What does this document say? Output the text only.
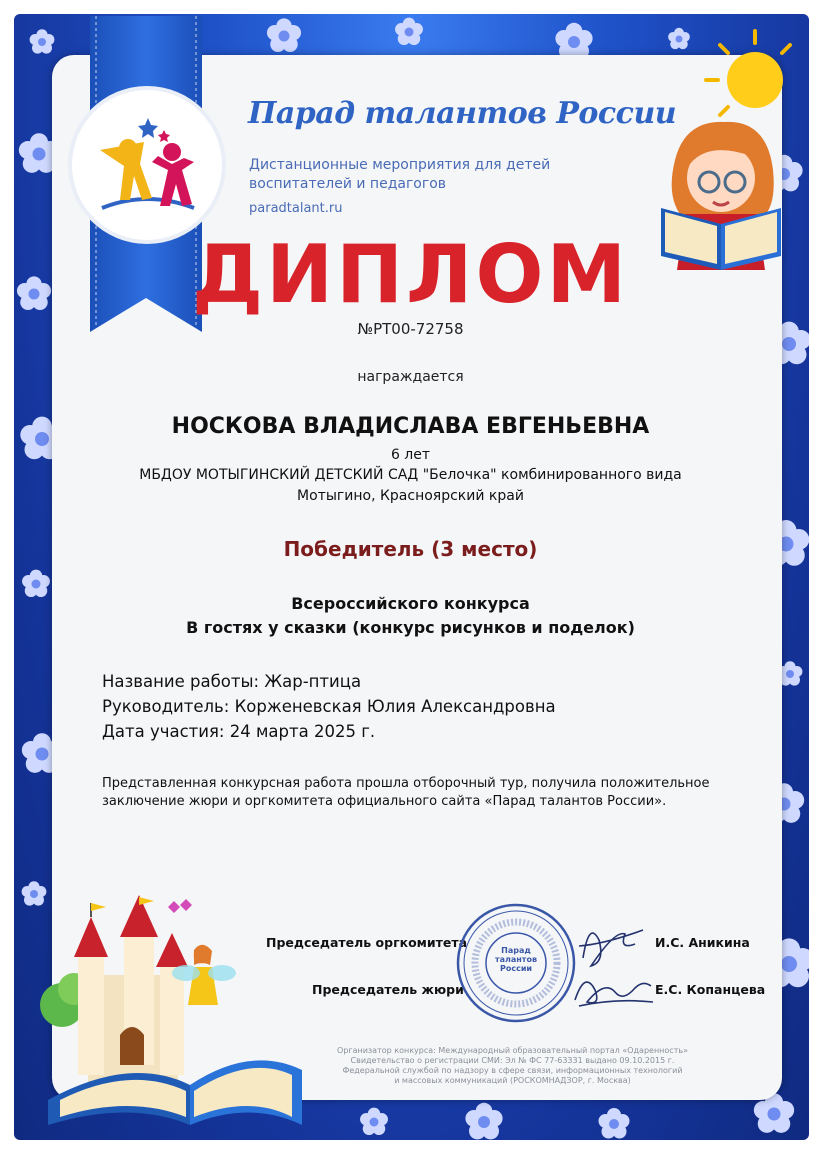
Парад талантов России
Дистанционные мероприятия для детей
воспитателей и педагогов
paradtalant.ru
ДИПЛОМ
№РТ00-72758
награждается
НОСКОВА ВЛАДИСЛАВА ЕВГЕНЬЕВНА
6 лет
МБДОУ МОТЫГИНСКИЙ ДЕТСКИЙ САД "Белочка" комбинированного вида
Мотыгино, Красноярский край
Победитель (3 место)
Всероссийского конкурса
В гостях у сказки (конкурс рисунков и поделок)
Название работы: Жар-птица
Руководитель: Корженевская Юлия Александровна
Дата участия: 24 марта 2025 г.
Представленная конкурсная работа прошла отборочный тур, получила положительное
заключение жюри и оргкомитета официального сайта «Парад талантов России».
Председатель оргкомитета	И.С. Аникина
Председатель жюри	Е.С. Копанцева
Парад
талантов
России
Организатор конкурса: Международный образовательный портал «Одаренность»
Свидетельство о регистрации СМИ: Эл № ФС 77-63331 выдано 09.10.2015 г.
Федеральной службой по надзору в сфере связи, информационных технологий
и массовых коммуникаций (РОСКОМНАДЗОР, г. Москва)
